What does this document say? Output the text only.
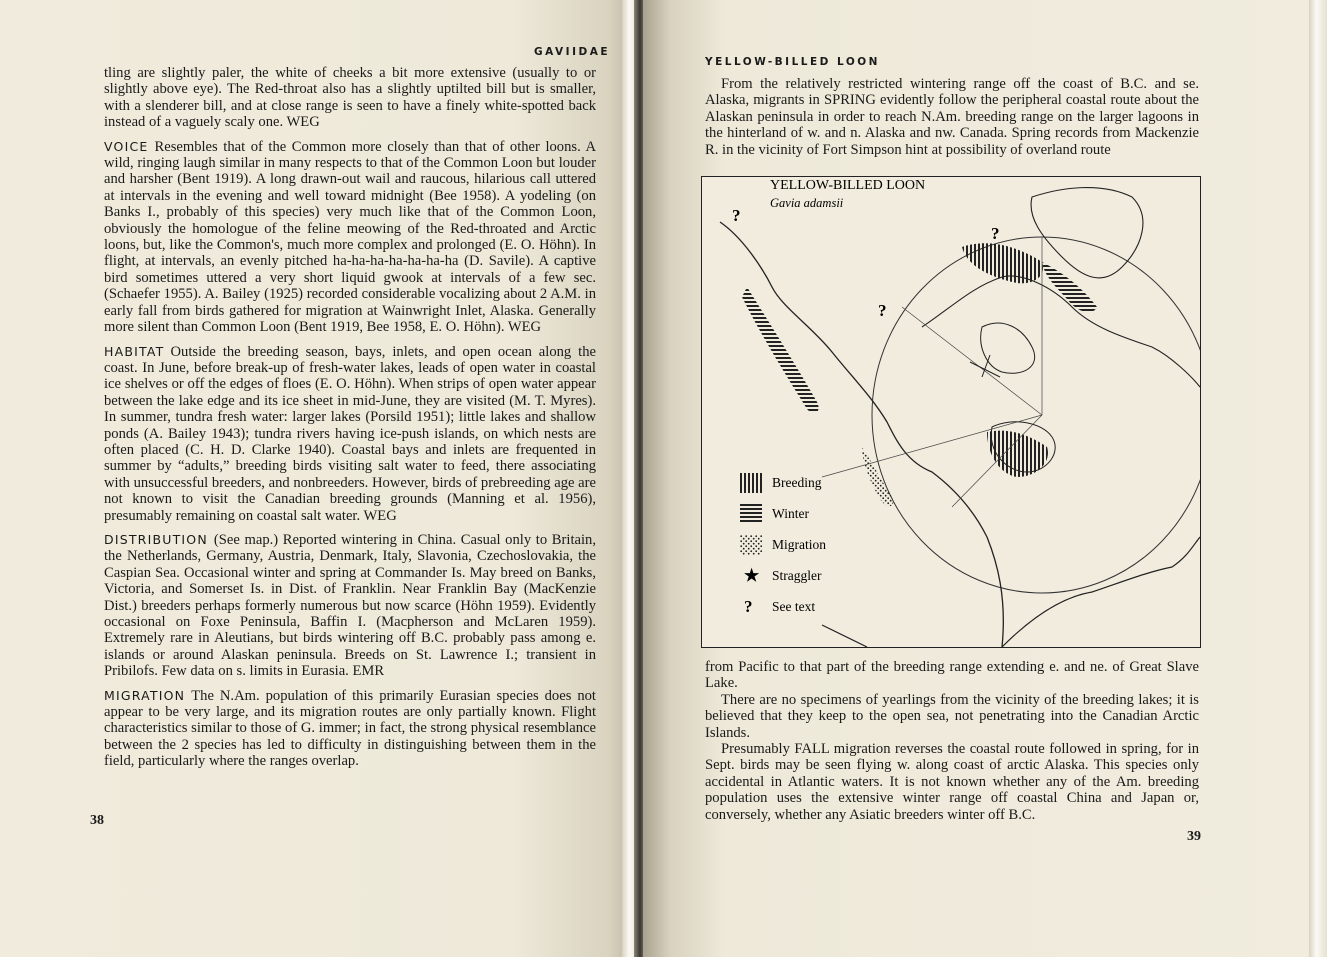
GAVIIDAE

tling are slightly paler, the white of cheeks a bit more extensive (usually to or slightly above eye). The Red-throat also has a slightly uptilted bill but is smaller, with a slenderer bill, and at close range is seen to have a finely white-spotted back instead of a vaguely scaly one. WEG

VOICE Resembles that of the Common more closely than that of other loons. A wild, ringing laugh similar in many respects to that of the Common Loon but louder and harsher (Bent 1919). A long drawn-out wail and raucous, hilarious call uttered at intervals in the evening and well toward midnight (Bee 1958). A yodeling (on Banks I., probably of this species) very much like that of the Common Loon, obviously the homologue of the feline meowing of the Red-throated and Arctic loons, but, like the Common's, much more complex and prolonged (E. O. Höhn). In flight, at intervals, an evenly pitched ha-ha-ha-ha-ha-ha-ha (D. Savile). A captive bird sometimes uttered a very short liquid gwook at intervals of a few sec. (Schaefer 1955). A. Bailey (1925) recorded considerable vocalizing about 2 A.M. in early fall from birds gathered for migration at Wainwright Inlet, Alaska. Generally more silent than Common Loon (Bent 1919, Bee 1958, E. O. Höhn). WEG

HABITAT Outside the breeding season, bays, inlets, and open ocean along the coast. In June, before break-up of fresh-water lakes, leads of open water in coastal ice shelves or off the edges of floes (E. O. Höhn). When strips of open water appear between the lake edge and its ice sheet in mid-June, they are visited (M. T. Myres). In summer, tundra fresh water: larger lakes (Porsild 1951); little lakes and shallow ponds (A. Bailey 1943); tundra rivers having ice-push islands, on which nests are often placed (C. H. D. Clarke 1940). Coastal bays and inlets are frequented in summer by “adults,” breeding birds visiting salt water to feed, there associating with unsuccessful breeders, and nonbreeders. However, birds of prebreeding age are not known to visit the Canadian breeding grounds (Manning et al. 1956), presumably remaining on coastal salt water. WEG

DISTRIBUTION (See map.) Reported wintering in China. Casual only to Britain, the Netherlands, Germany, Austria, Denmark, Italy, Slavonia, Czechoslovakia, the Caspian Sea. Occasional winter and spring at Commander Is. May breed on Banks, Victoria, and Somerset Is. in Dist. of Franklin. Near Franklin Bay (MacKenzie Dist.) breeders perhaps formerly numerous but now scarce (Höhn 1959). Evidently occasional on Foxe Peninsula, Baffin I. (Macpherson and McLaren 1959). Extremely rare in Aleutians, but birds wintering off B.C. probably pass among e. islands or around Alaskan peninsula. Breeds on St. Lawrence I.; transient in Pribilofs. Few data on s. limits in Eurasia. EMR

MIGRATION The N.Am. population of this primarily Eurasian species does not appear to be very large, and its migration routes are only partially known. Flight characteristics similar to those of G. immer; in fact, the strong physical resemblance between the 2 species has led to difficulty in distinguishing between them in the field, particularly where the ranges overlap.

38
YELLOW-BILLED LOON

From the relatively restricted wintering range off the coast of B.C. and se. Alaska, migrants in SPRING evidently follow the peripheral coastal route about the Alaskan peninsula in order to reach N.Am. breeding range on the larger lagoons in the hinterland of w. and n. Alaska and nw. Canada. Spring records from Mackenzie R. in the vicinity of Fort Simpson hint at possibility of overland route

from Pacific to that part of the breeding range extending e. and ne. of Great Slave Lake.

There are no specimens of yearlings from the vicinity of the breeding lakes; it is believed that they keep to the open sea, not penetrating into the Canadian Arctic Islands.

Presumably FALL migration reverses the coastal route followed in spring, for in Sept. birds may be seen flying w. along coast of arctic Alaska. This species only accidental in Atlantic waters. It is not known whether any of the Am. breeding population uses the extensive winter range off coastal China and Japan or, conversely, whether any Asiatic breeders winter off B.C.

39
YELLOW-BILLED LOON
Gavia adamsii
?
?
?
Breeding
Winter
Migration
★ Straggler
? See text
